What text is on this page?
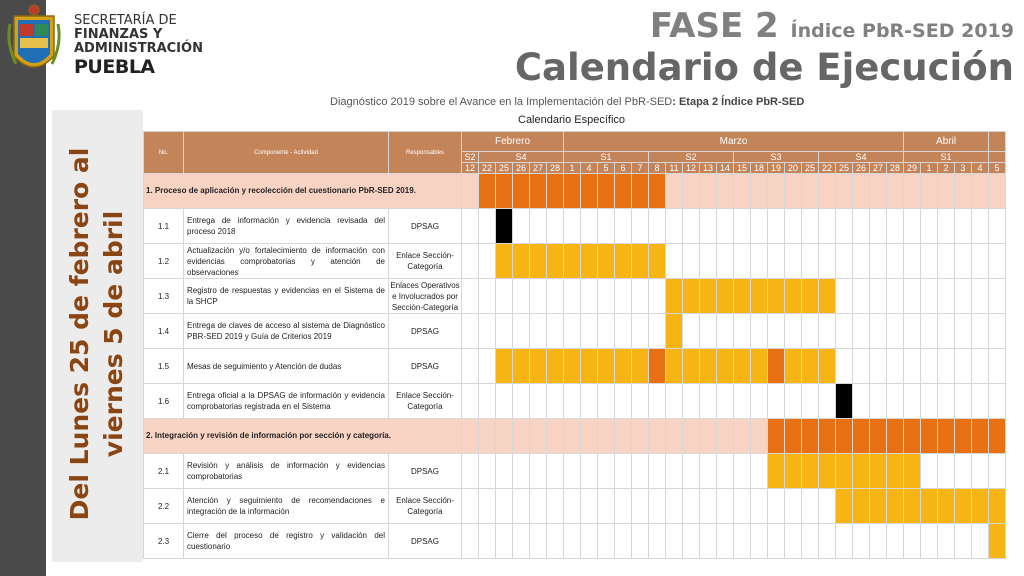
SECRETARÍA DE
FINANZAS Y
ADMINISTRACIÓN
PUEBLA
FASE 2 Índice PbR-SED 2019
Calendario de Ejecución
Diagnóstico 2019 sobre el Avance en la Implementación del PbR-SED: Etapa 2 Índice PbR-SED
Calendario Específico
Del Lunes 25 de febrero al viernes 5 de abril
No.	Componente - Actividad	Responsables	Febrero						Marzo																				Abril					
			S2	S4					S1					S2					S3					S4					S1					
			12	22	25	26	27	28	1	4	5	6	7	8	11	12	13	14	15	18	19	20	25	22	25	26	27	28	29	1	2	3	4	5
1. Proceso de aplicación y recolección del cuestionario PbR-SED 2019.																																		
1.1	Entrega de información y evidencia revisada del proceso 2018	DPSAG																																
1.2	Actualización y/o fortalecimiento de información con evidencias comprobatorias y atención de observaciones	Enlace Sección-Categoría																																
1.3	Registro de respuestas y evidencias en el Sistema de la SHCP	Enlaces Operativos e Involucrados por Sección-Categoría																																
1.4	Entrega de claves de acceso al sistema de Diagnóstico PBR-SED 2019 y Guía de Criterios 2019	DPSAG																																
1.5	Mesas de seguimiento y Atención de dudas	DPSAG																																
1.6	Entrega oficial a la DPSAG de información y evidencia comprobatorias registrada en el Sistema	Enlace Sección-Categoría																																
2. Integración y revisión de información por sección y categoría.																																		
2.1	Revisión y análisis de información y evidencias comprobatorias	DPSAG																																
2.2	Atención y seguimiento de recomendaciones e integración de la información	Enlace Sección-Categoría																																
2.3	Cierre del proceso de registro y validación del cuestionario	DPSAG																																
